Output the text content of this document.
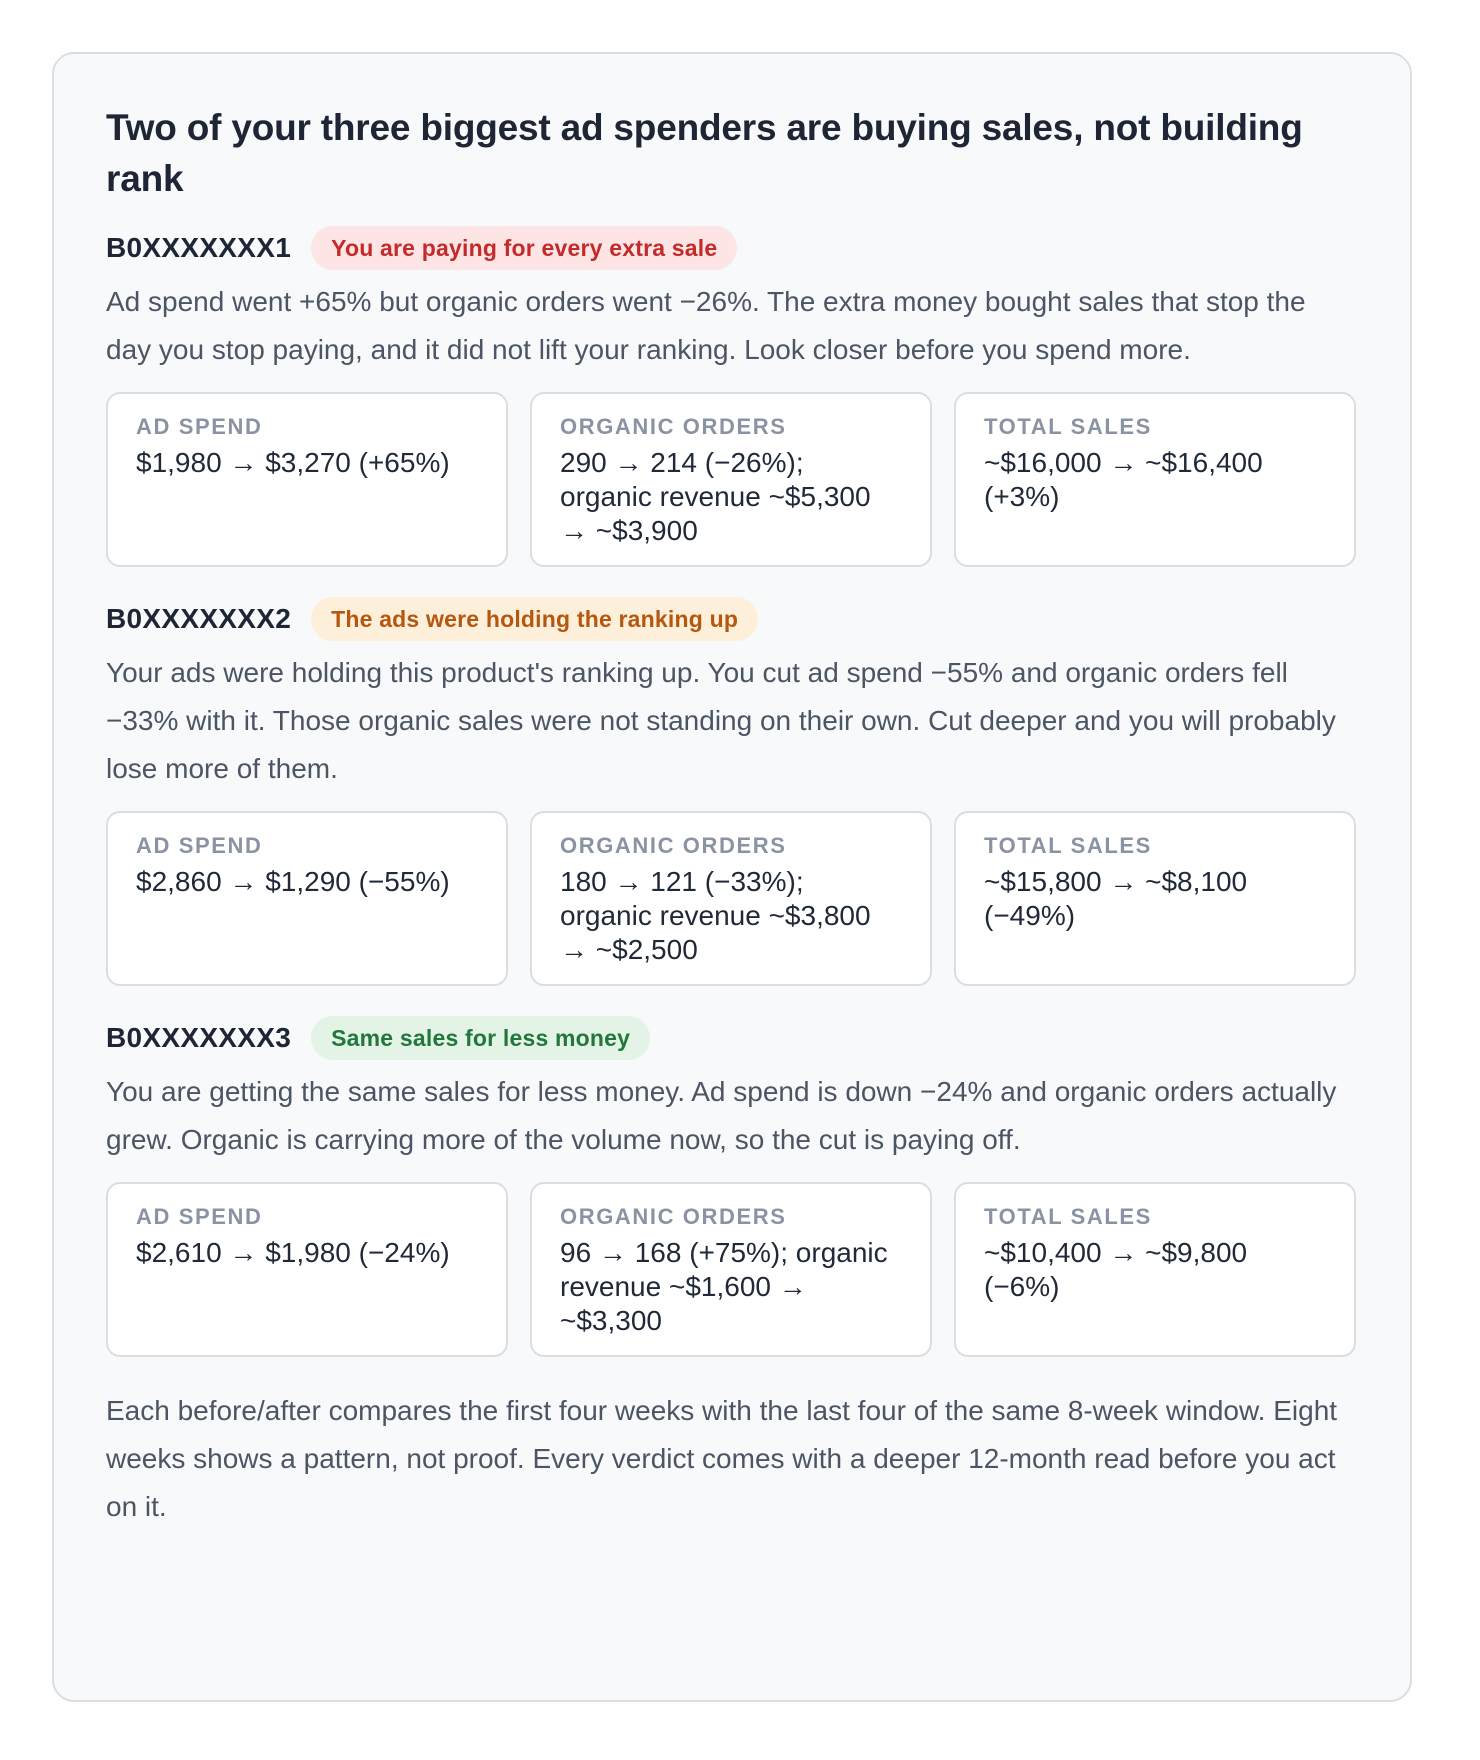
Two of your three biggest ad spenders are buying sales, not building rank
B0XXXXXXX1	You are paying for every extra sale

Ad spend went +65% but organic orders went −26%. The extra money bought sales that stop the day you stop paying, and it did not lift your ranking. Look closer before you spend more.

AD SPEND
$1,980 → $3,270 (+65%)
ORGANIC ORDERS
290 → 214 (−26%); organic revenue ~$5,300 → ~$3,900
TOTAL SALES
~$16,000 → ~$16,400 (+3%)
B0XXXXXXX2	The ads were holding the ranking up

Your ads were holding this product's ranking up. You cut ad spend −55% and organic orders fell −33% with it. Those organic sales were not standing on their own. Cut deeper and you will probably lose more of them.

AD SPEND
$2,860 → $1,290 (−55%)
ORGANIC ORDERS
180 → 121 (−33%); organic revenue ~$3,800 → ~$2,500
TOTAL SALES
~$15,800 → ~$8,100 (−49%)
B0XXXXXXX3	Same sales for less money

You are getting the same sales for less money. Ad spend is down −24% and organic orders actually grew. Organic is carrying more of the volume now, so the cut is paying off.

AD SPEND
$2,610 → $1,980 (−24%)
ORGANIC ORDERS
96 → 168 (+75%); organic revenue ~$1,600 → ~$3,300
TOTAL SALES
~$10,400 → ~$9,800 (−6%)

Each before/after compares the first four weeks with the last four of the same 8-week window. Eight weeks shows a pattern, not proof. Every verdict comes with a deeper 12-month read before you act on it.
